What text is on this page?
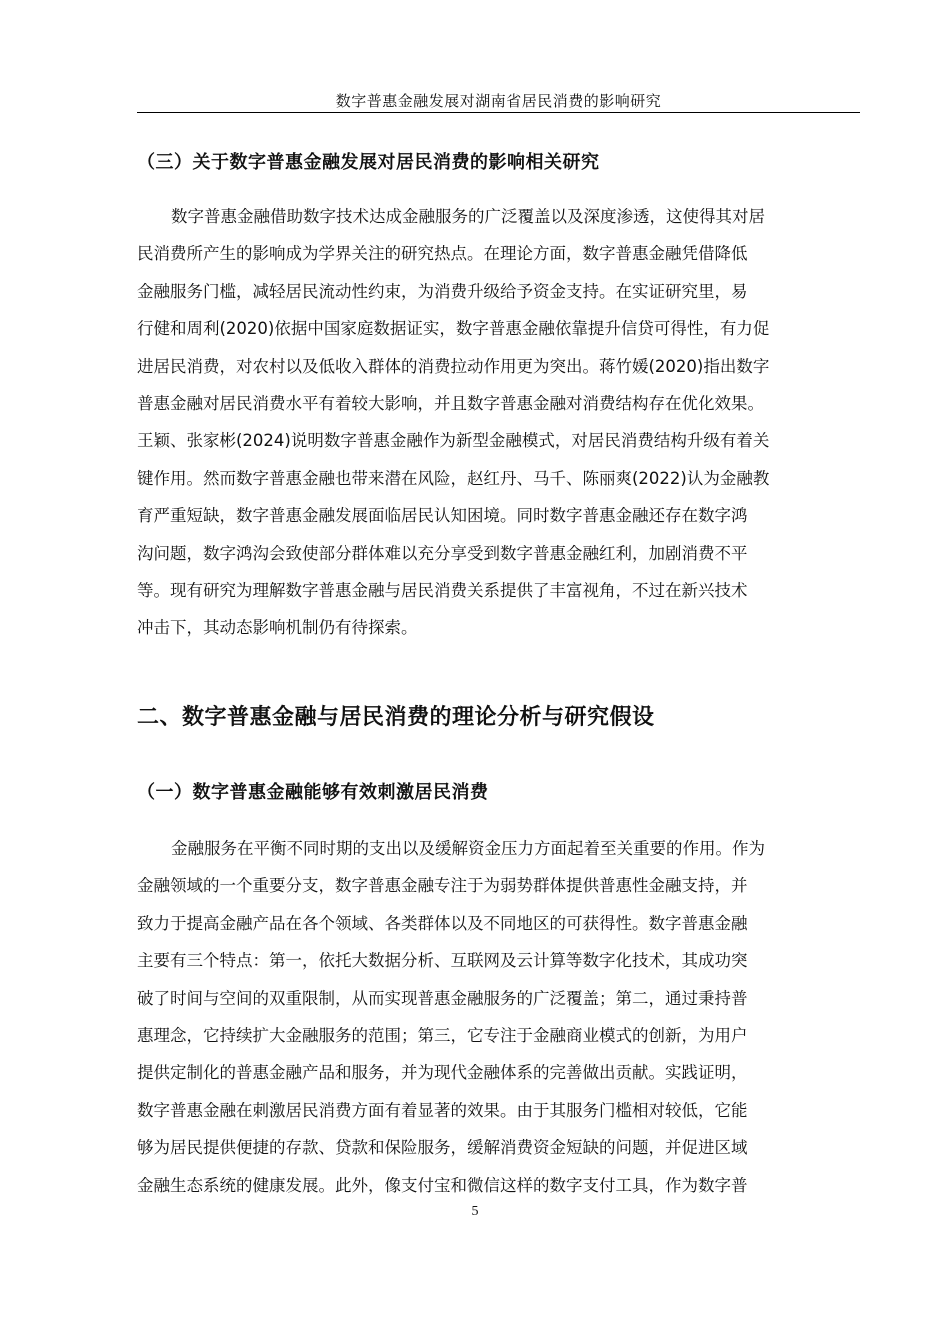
数字普惠金融发展对湖南省居民消费的影响研究
（三）关于数字普惠金融发展对居民消费的影响相关研究
数字普惠金融借助数字技术达成金融服务的广泛覆盖以及深度渗透，这使得其对居
民消费所产生的影响成为学界关注的研究热点。在理论方面，数字普惠金融凭借降低
金融服务门槛，减轻居民流动性约束，为消费升级给予资金支持。在实证研究里，易
行健和周利(2020)依据中国家庭数据证实，数字普惠金融依靠提升信贷可得性，有力促
进居民消费，对农村以及低收入群体的消费拉动作用更为突出。蒋竹媛(2020)指出数字
普惠金融对居民消费水平有着较大影响，并且数字普惠金融对消费结构存在优化效果。
王颖、张家彬(2024)说明数字普惠金融作为新型金融模式，对居民消费结构升级有着关
键作用。然而数字普惠金融也带来潜在风险，赵红丹、马千、陈丽爽(2022)认为金融教
育严重短缺，数字普惠金融发展面临居民认知困境。同时数字普惠金融还存在数字鸿
沟问题，数字鸿沟会致使部分群体难以充分享受到数字普惠金融红利，加剧消费不平
等。现有研究为理解数字普惠金融与居民消费关系提供了丰富视角，不过在新兴技术
冲击下，其动态影响机制仍有待探索。
二、数字普惠金融与居民消费的理论分析与研究假设
（一）数字普惠金融能够有效刺激居民消费
金融服务在平衡不同时期的支出以及缓解资金压力方面起着至关重要的作用。作为
金融领域的一个重要分支，数字普惠金融专注于为弱势群体提供普惠性金融支持，并
致力于提高金融产品在各个领域、各类群体以及不同地区的可获得性。数字普惠金融
主要有三个特点：第一，依托大数据分析、互联网及云计算等数字化技术，其成功突
破了时间与空间的双重限制，从而实现普惠金融服务的广泛覆盖；第二，通过秉持普
惠理念，它持续扩大金融服务的范围；第三，它专注于金融商业模式的创新，为用户
提供定制化的普惠金融产品和服务，并为现代金融体系的完善做出贡献。实践证明，
数字普惠金融在刺激居民消费方面有着显著的效果。由于其服务门槛相对较低，它能
够为居民提供便捷的存款、贷款和保险服务，缓解消费资金短缺的问题，并促进区域
金融生态系统的健康发展。此外，像支付宝和微信这样的数字支付工具，作为数字普
5
